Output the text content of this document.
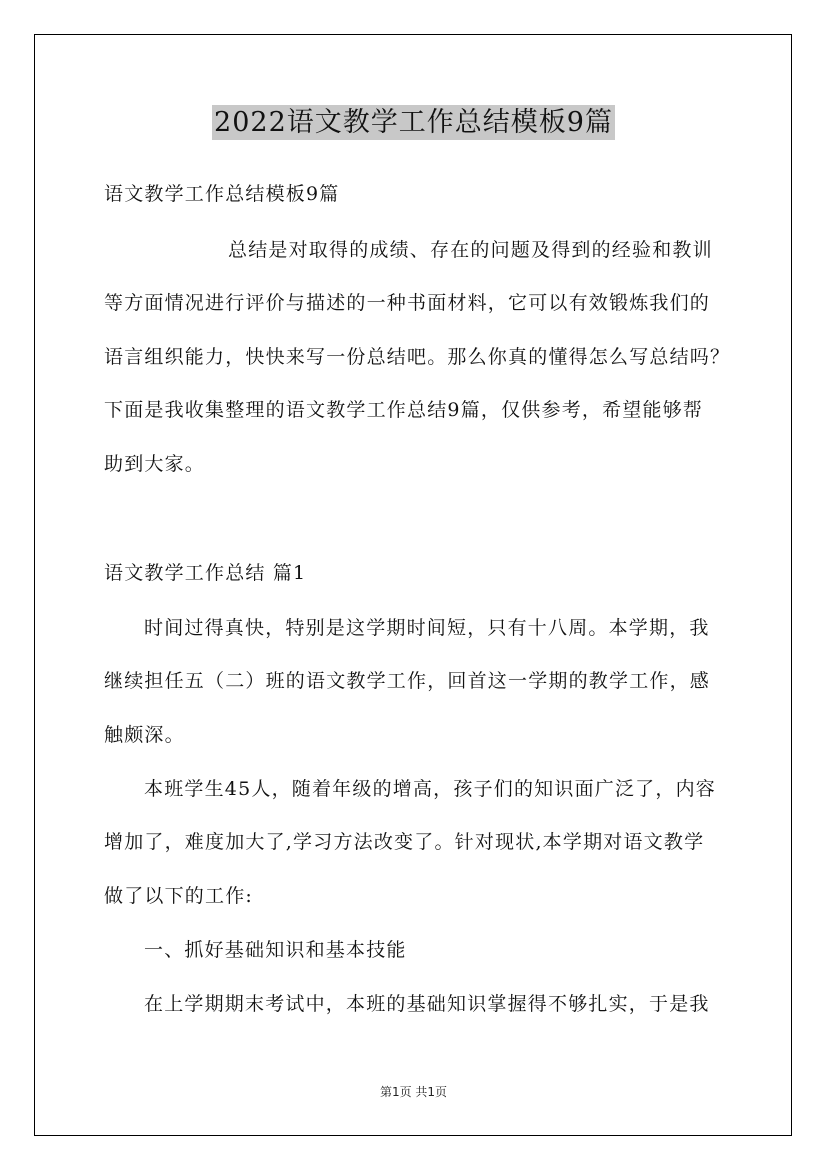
2022语文教学工作总结模板9篇
语文教学工作总结模板9篇
总结是对取得的成绩、存在的问题及得到的经验和教训
等方面情况进行评价与描述的一种书面材料，它可以有效锻炼我们的
语言组织能力，快快来写一份总结吧。那么你真的懂得怎么写总结吗？
下面是我收集整理的语文教学工作总结9篇，仅供参考，希望能够帮
助到大家。
语文教学工作总结 篇1
时间过得真快，特别是这学期时间短，只有十八周。本学期，我
继续担任五（二）班的语文教学工作，回首这一学期的教学工作，感
触颇深。
本班学生45人，随着年级的增高，孩子们的知识面广泛了，内容
增加了，难度加大了,学习方法改变了。针对现状,本学期对语文教学
做了以下的工作:
一、抓好基础知识和基本技能
在上学期期末考试中，本班的基础知识掌握得不够扎实，于是我
第1页 共1页
